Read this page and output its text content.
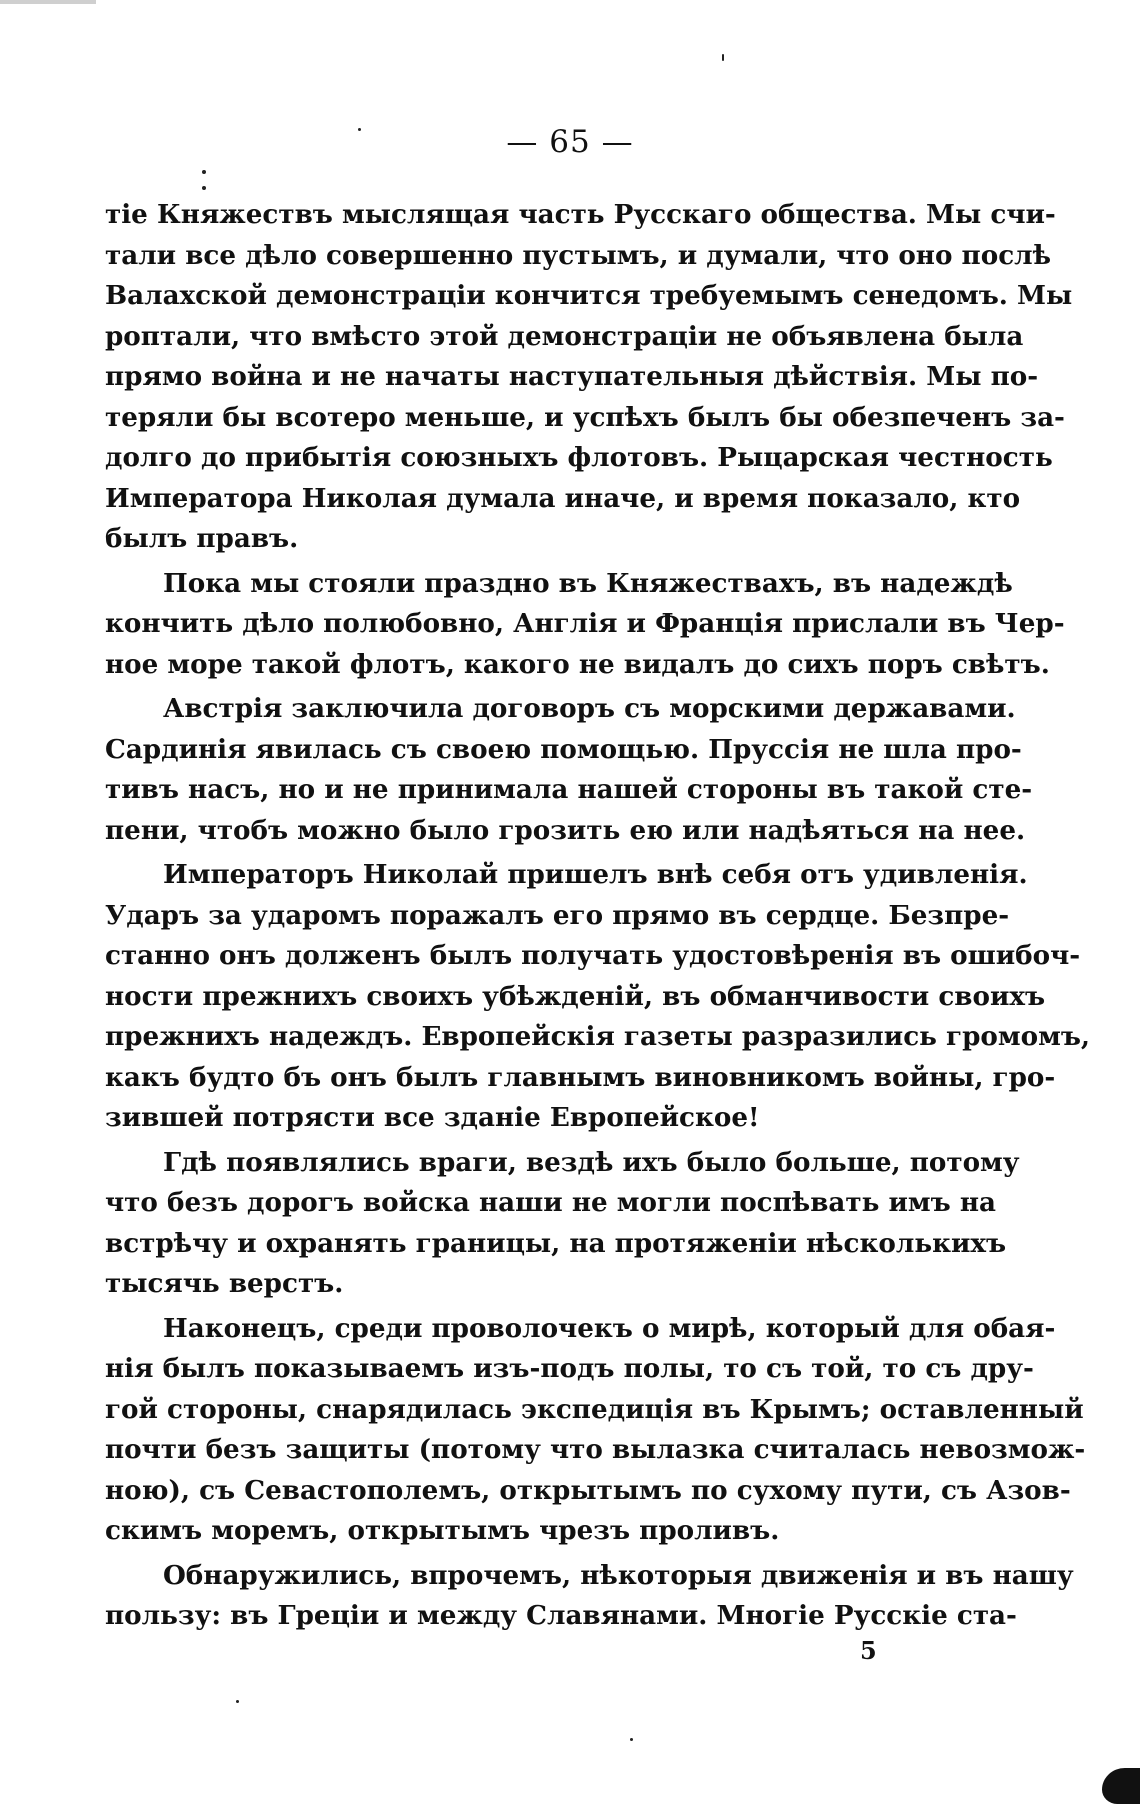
— 65 —
тіе Княжествъ мыслящая часть Русскаго общества. Мы счи-
тали все дѣло совершенно пустымъ, и думали, что оно послѣ
Валахской демонстраціи кончится требуемымъ сенедомъ. Мы
роптали, что вмѣсто этой демонстраціи не объявлена была
прямо война и не начаты наступательныя дѣйствія. Мы по-
теряли бы всотеро меньше, и успѣхъ былъ бы обезпеченъ за-
долго до прибытія союзныхъ флотовъ. Рыцарская честность
Императора Николая думала иначе, и время показало, кто
былъ правъ.
Пока мы стояли праздно въ Княжествахъ, въ надеждѣ
кончить дѣло полюбовно, Англія и Франція прислали въ Чер-
ное море такой флотъ, какого не видалъ до сихъ поръ свѣтъ.
Австрія заключила договоръ съ морскими державами.
Сардинія явилась съ своею помощью. Пруссія не шла про-
тивъ насъ, но и не принимала нашей стороны въ такой сте-
пени, чтобъ можно было грозить ею или надѣяться на нее.
Императоръ Николай пришелъ внѣ себя отъ удивленія.
Ударъ за ударомъ поражалъ его прямо въ сердце. Безпре-
станно онъ долженъ былъ получать удостовѣренія въ ошибоч-
ности прежнихъ своихъ убѣжденій, въ обманчивости своихъ
прежнихъ надеждъ. Европейскія газеты разразились громомъ,
какъ будто бъ онъ былъ главнымъ виновникомъ войны, гро-
зившей потрясти все зданіе Европейское!
Гдѣ появлялись враги, вездѣ ихъ было больше, потому
что безъ дорогъ войска наши не могли поспѣвать имъ на
встрѣчу и охранять границы, на протяженіи нѣсколькихъ
тысячь верстъ.
Наконецъ, среди проволочекъ о мирѣ, который для обая-
нія былъ показываемъ изъ-подъ полы, то съ той, то съ дру-
гой стороны, снарядилась экспедиція въ Крымъ; оставленный
почти безъ защиты (потому что вылазка считалась невозмож-
ною), съ Севастополемъ, открытымъ по сухому пути, съ Азов-
скимъ моремъ, открытымъ чрезъ проливъ.
Обнаружились, впрочемъ, нѣкоторыя движенія и въ нашу
пользу: въ Греціи и между Славянами. Многіе Русскіе ста-
5
